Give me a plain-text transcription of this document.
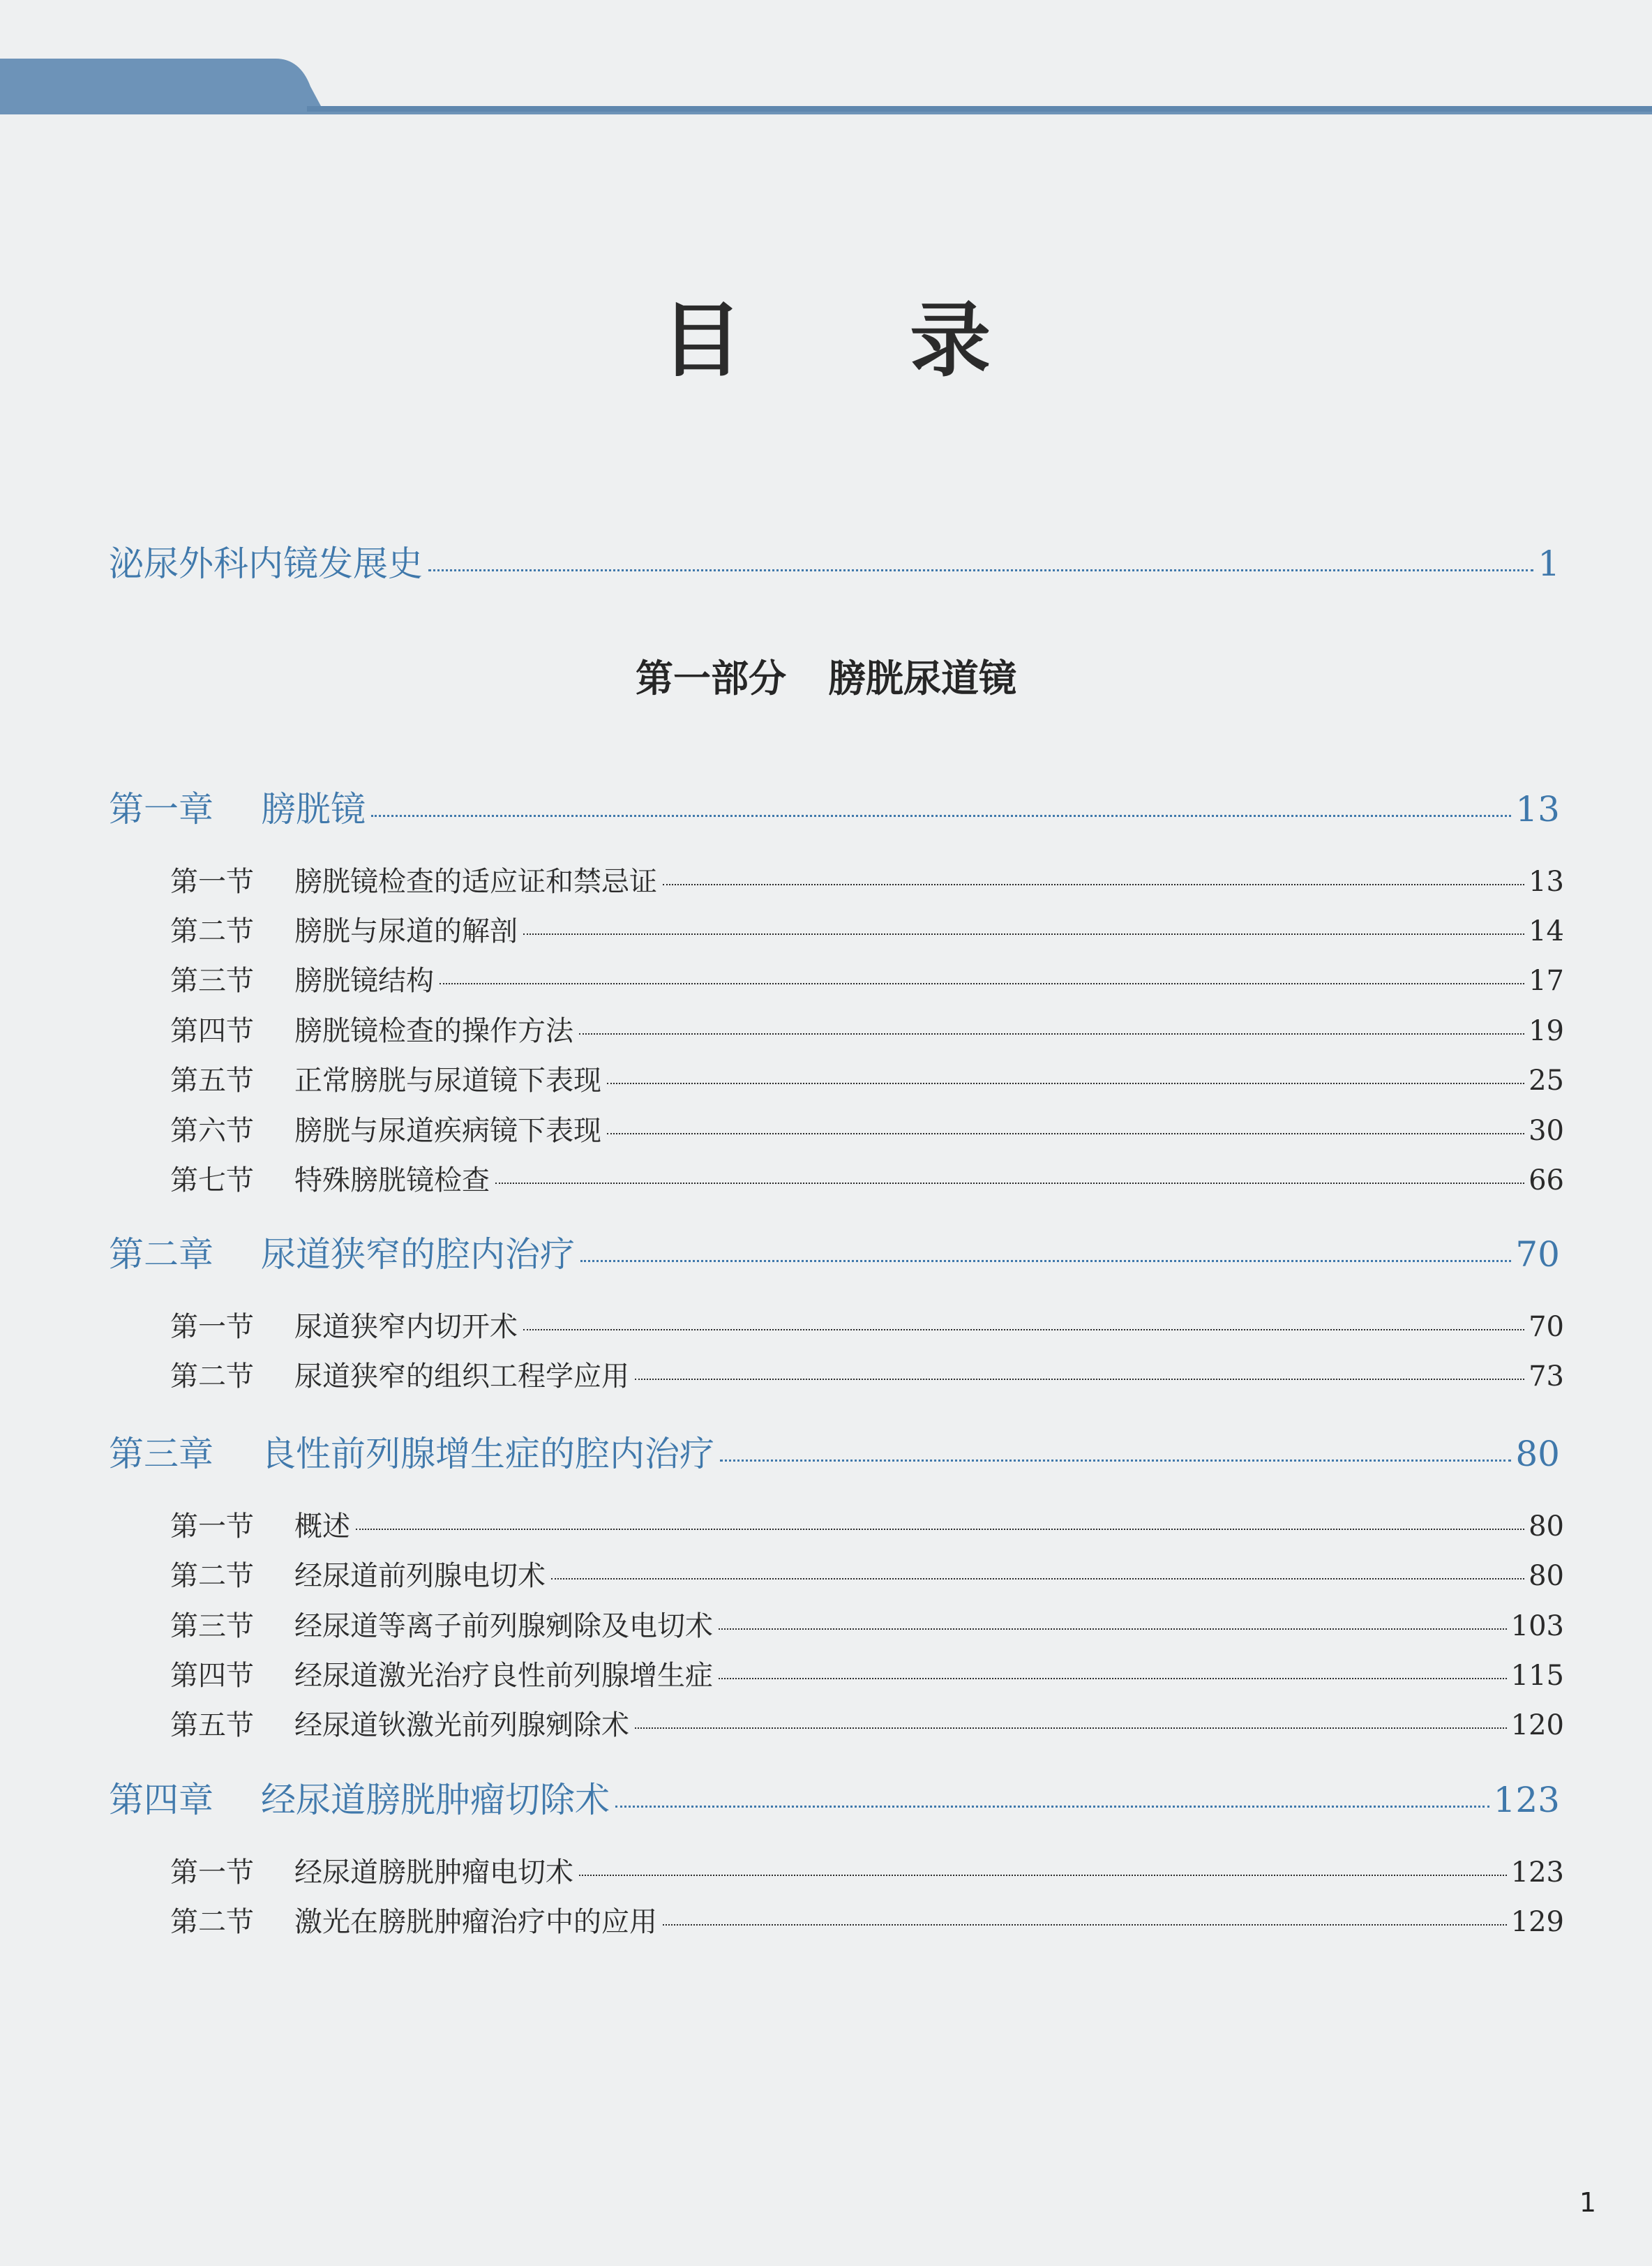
目 录
泌尿外科内镜发展史	1
第一部分 膀胱尿道镜
第一章	膀胱镜	13
第一节	膀胱镜检查的适应证和禁忌证	13
第二节	膀胱与尿道的解剖	14
第三节	膀胱镜结构	17
第四节	膀胱镜检查的操作方法	19
第五节	正常膀胱与尿道镜下表现	25
第六节	膀胱与尿道疾病镜下表现	30
第七节	特殊膀胱镜检查	66
第二章	尿道狭窄的腔内治疗	70
第一节	尿道狭窄内切开术	70
第二节	尿道狭窄的组织工程学应用	73
第三章	良性前列腺增生症的腔内治疗	80
第一节	概述	80
第二节	经尿道前列腺电切术	80
第三节	经尿道等离子前列腺剜除及电切术	103
第四节	经尿道激光治疗良性前列腺增生症	115
第五节	经尿道钬激光前列腺剜除术	120
第四章	经尿道膀胱肿瘤切除术	123
第一节	经尿道膀胱肿瘤电切术	123
第二节	激光在膀胱肿瘤治疗中的应用	129
1
